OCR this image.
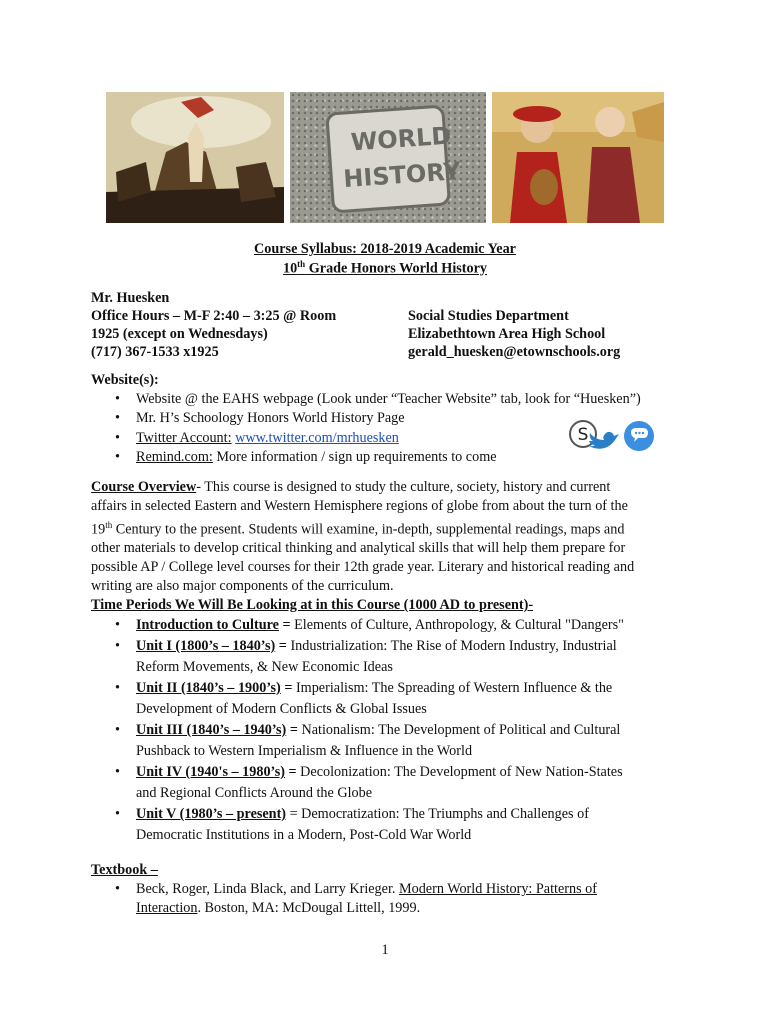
WORLD
HISTORY
Course Syllabus: 2018-2019 Academic Year
10th Grade Honors World History
Mr. Huesken
Office Hours – M-F 2:40 – 3:25 @ Room
1925 (except on Wednesdays)
(717) 367-1533 x1925
Social Studies Department
Elizabethtown Area High School
gerald_huesken@etownschools.org
Website(s):
• Website @ the EAHS webpage (Look under “Teacher Website” tab, look for “Huesken”)
• Mr. H’s Schoology Honors World History Page
• Twitter Account: www.twitter.com/mrhuesken
• Remind.com: More information / sign up requirements to come
S
Course Overview- This course is designed to study the culture, society, history and current
affairs in selected Eastern and Western Hemisphere regions of globe from about the turn of the
19th Century to the present. Students will examine, in-depth, supplemental readings, maps and
other materials to develop critical thinking and analytical skills that will help them prepare for
possible AP / College level courses for their 12th grade year. Literary and historical reading and
writing are also major components of the curriculum.
Time Periods We Will Be Looking at in this Course (1000 AD to present)-
• Introduction to Culture = Elements of Culture, Anthropology, & Cultural "Dangers"
• Unit I (1800’s – 1840’s) = Industrialization: The Rise of Modern Industry, Industrial
Reform Movements, & New Economic Ideas
• Unit II (1840’s – 1900’s) = Imperialism: The Spreading of Western Influence & the
Development of Modern Conflicts & Global Issues
• Unit III (1840’s – 1940’s) = Nationalism: The Development of Political and Cultural
Pushback to Western Imperialism & Influence in the World
• Unit IV (1940's – 1980’s) = Decolonization: The Development of New Nation-States
and Regional Conflicts Around the Globe
• Unit V (1980’s – present) = Democratization: The Triumphs and Challenges of
Democratic Institutions in a Modern, Post-Cold War World
Textbook –
• Beck, Roger, Linda Black, and Larry Krieger. Modern World History: Patterns of
Interaction. Boston, MA: McDougal Littell, 1999.
1
